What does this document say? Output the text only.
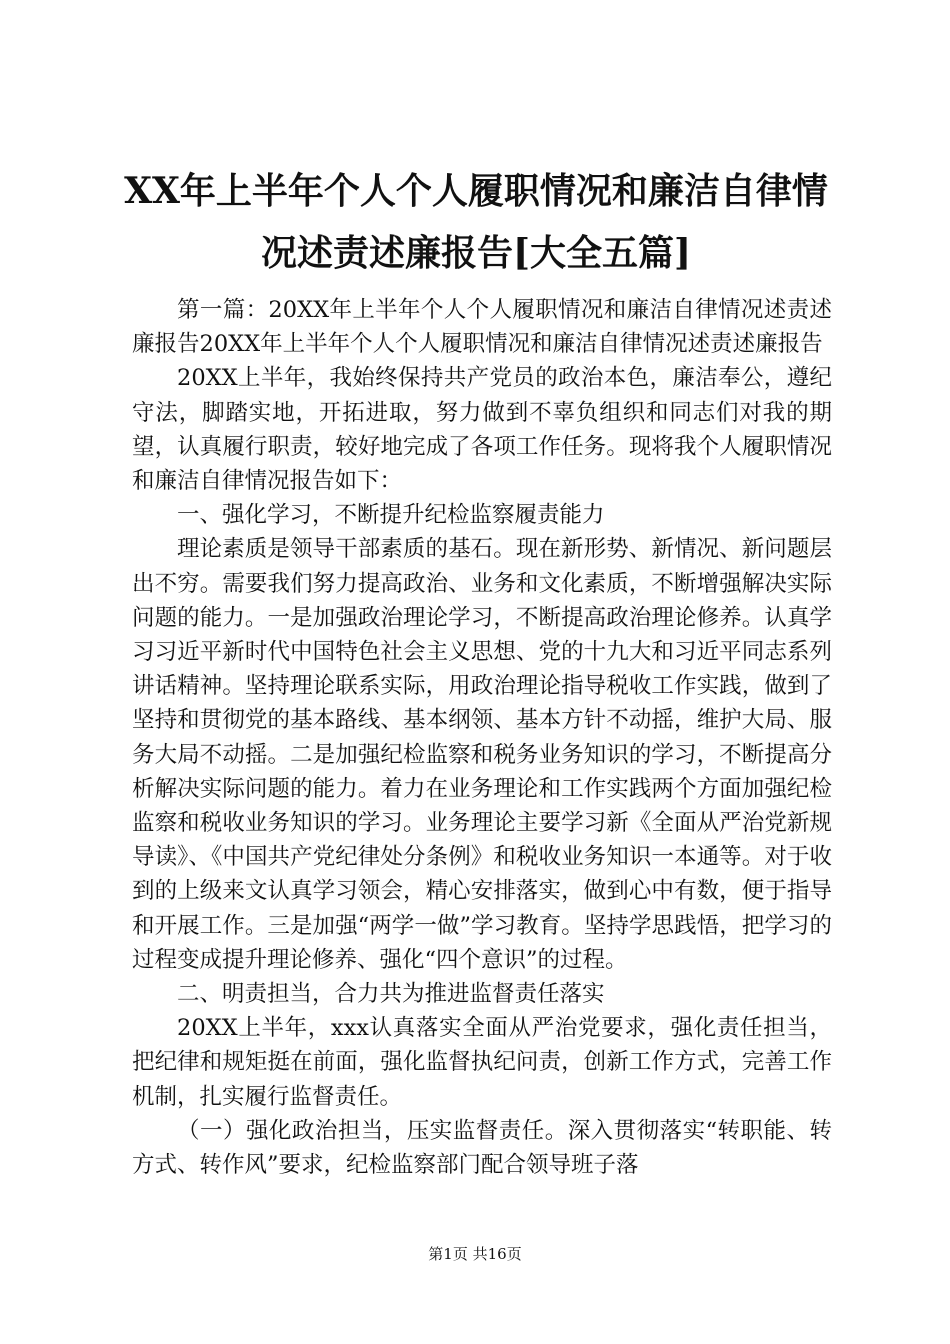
XX年上半年个人个人履职情况和廉洁自律情况述责述廉报告[大全五篇]

第一篇：20XX年上半年个人个人履职情况和廉洁自律情况述责述廉报告20XX年上半年个人个人履职情况和廉洁自律情况述责述廉报告

20XX上半年，我始终保持共产党员的政治本色，廉洁奉公，遵纪守法，脚踏实地，开拓进取，努力做到不辜负组织和同志们对我的期望，认真履行职责，较好地完成了各项工作任务。现将我个人履职情况和廉洁自律情况报告如下：

一、强化学习，不断提升纪检监察履责能力

理论素质是领导干部素质的基石。现在新形势、新情况、新问题层出不穷。需要我们努力提高政治、业务和文化素质，不断增强解决实际问题的能力。一是加强政治理论学习，不断提高政治理论修养。认真学习习近平新时代中国特色社会主义思想、党的十九大和习近平同志系列讲话精神。坚持理论联系实际，用政治理论指导税收工作实践，做到了坚持和贯彻党的基本路线、基本纲领、基本方针不动摇，维护大局、服务大局不动摇。二是加强纪检监察和税务业务知识的学习，不断提高分析解决实际问题的能力。着力在业务理论和工作实践两个方面加强纪检监察和税收业务知识的学习。业务理论主要学习新《全面从严治党新规导读》、《中国共产党纪律处分条例》和税收业务知识一本通等。对于收到的上级来文认真学习领会，精心安排落实，做到心中有数，便于指导和开展工作。三是加强“两学一做”学习教育。坚持学思践悟，把学习的过程变成提升理论修养、强化“四个意识”的过程。

二、明责担当，合力共为推进监督责任落实

20XX上半年，xxx认真落实全面从严治党要求，强化责任担当，把纪律和规矩挺在前面，强化监督执纪问责，创新工作方式，完善工作机制，扎实履行监督责任。

（一）强化政治担当，压实监督责任。深入贯彻落实“转职能、转方式、转作风”要求，纪检监察部门配合领导班子落

第1页 共16页
